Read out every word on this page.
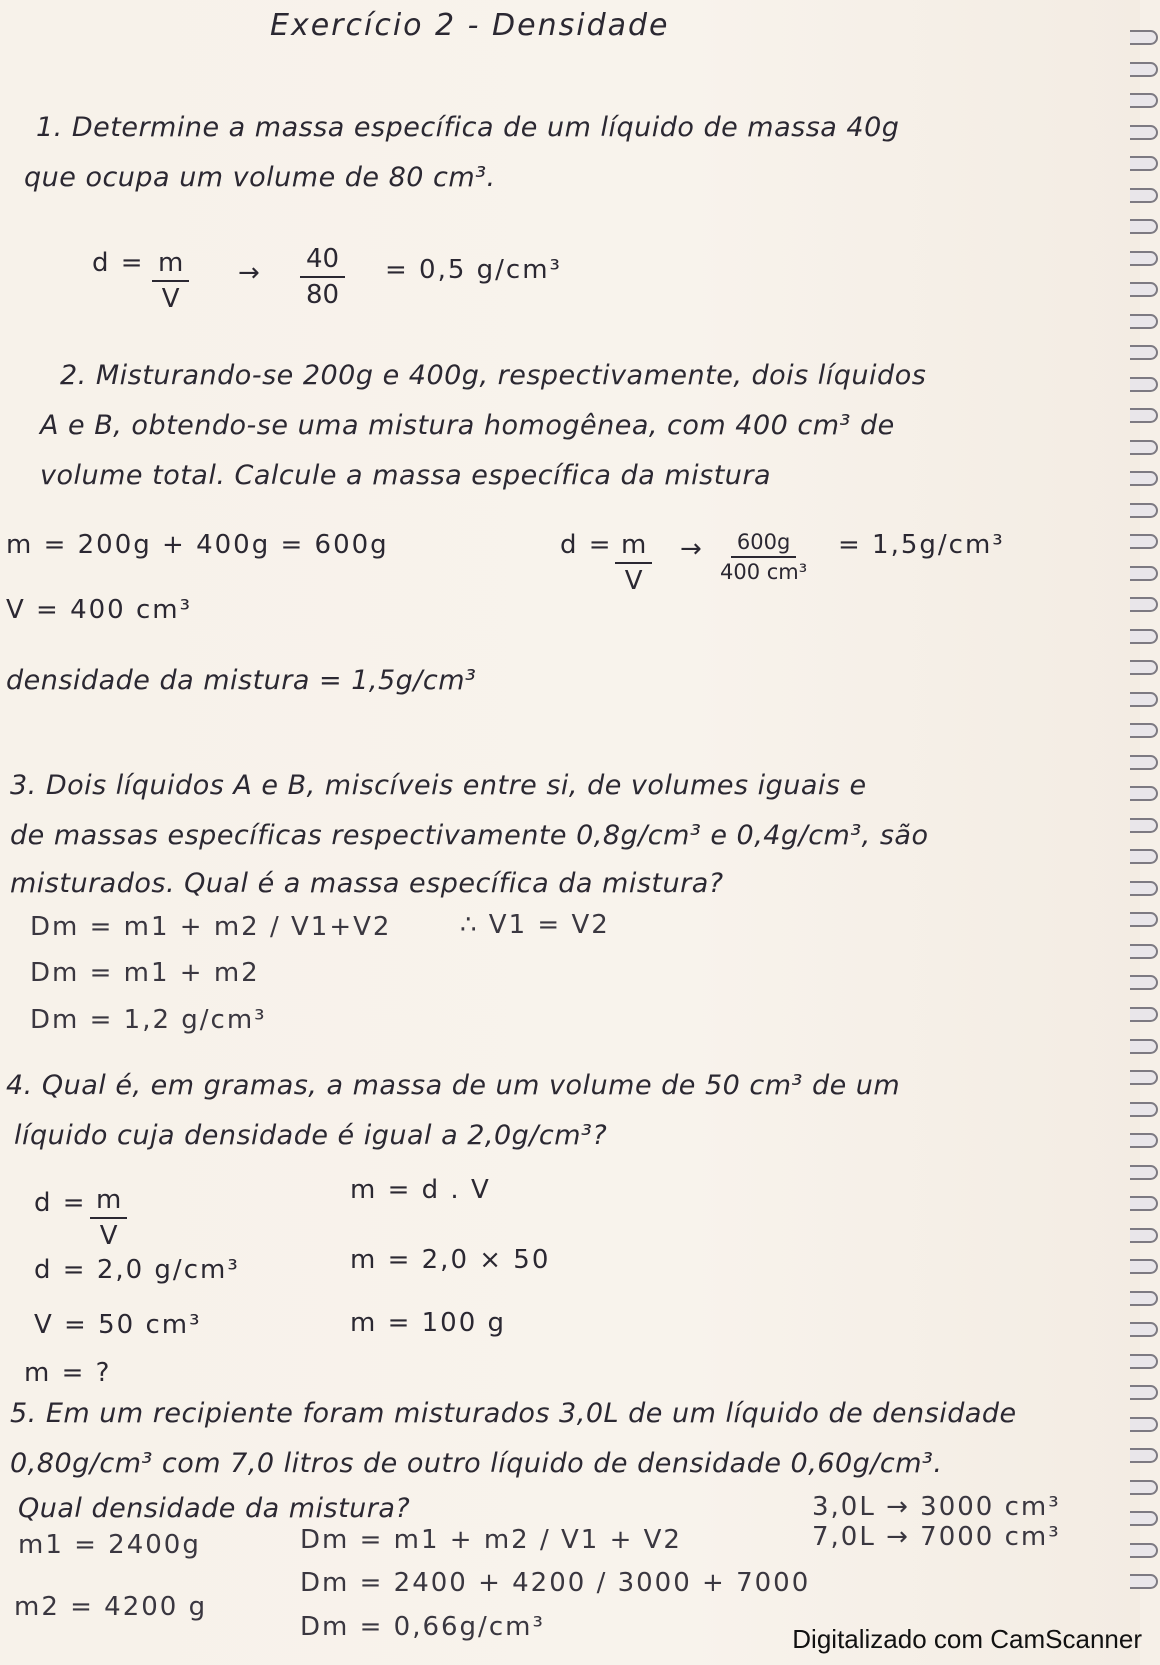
Exercício 2 - Densidade
1. Determine a massa específica de um líquido de massa 40g
que ocupa um volume de 80 cm³.
$d = \frac{m}{V} \to \frac{40}{80} = 0,5$ g/cm³
2. Misturando-se 200g e 400g, respectivamente, dois líquidos
A e B, obtendo-se uma mistura homogênea, com 400 cm³ de
volume total. Calcule a massa específica da mistura
m = 200g + 400g = 600g
V = 400 cm³
$d = \frac{m}{V} \to \frac{600g}{\text{400 cm³}} = 1,5g/cm^3$
densidade da mistura = 1,5g/cm³
3. Dois líquidos A e B, miscíveis entre si, de volumes iguais e
de massas específicas respectivamente 0,8g/cm³ e 0,4g/cm³, são
misturados. Qual é a massa específica da mistura?
Dm = m1 + m2 / V1+V2	∴ V1 = V2
Dm = m1 + m2
Dm = 1,2 g/cm³
4. Qual é, em gramas, a massa de um volume de 50 cm³ de um
líquido cuja densidade é igual a 2,0g/cm³?
$d = \frac{m}{V}$
d = 2,0 g/cm³
V = 50 cm³
m = ?
m = d . V
m = 2,0 × 50
m = 100 g
5. Em um recipiente foram misturados 3,0L de um líquido de densidade
0,80g/cm³ com 7,0 litros de outro líquido de densidade 0,60g/cm³.
Qual densidade da mistura?	3,0L → 3000 cm³
7,0L → 7000 cm³
m1 = 2400g
m2 = 4200 g
Dm = m1 + m2 / V1 + V2
Dm = 2400 + 4200 / 3000 + 7000
Dm = 0,66g/cm³	Digitalizado com CamScanner
